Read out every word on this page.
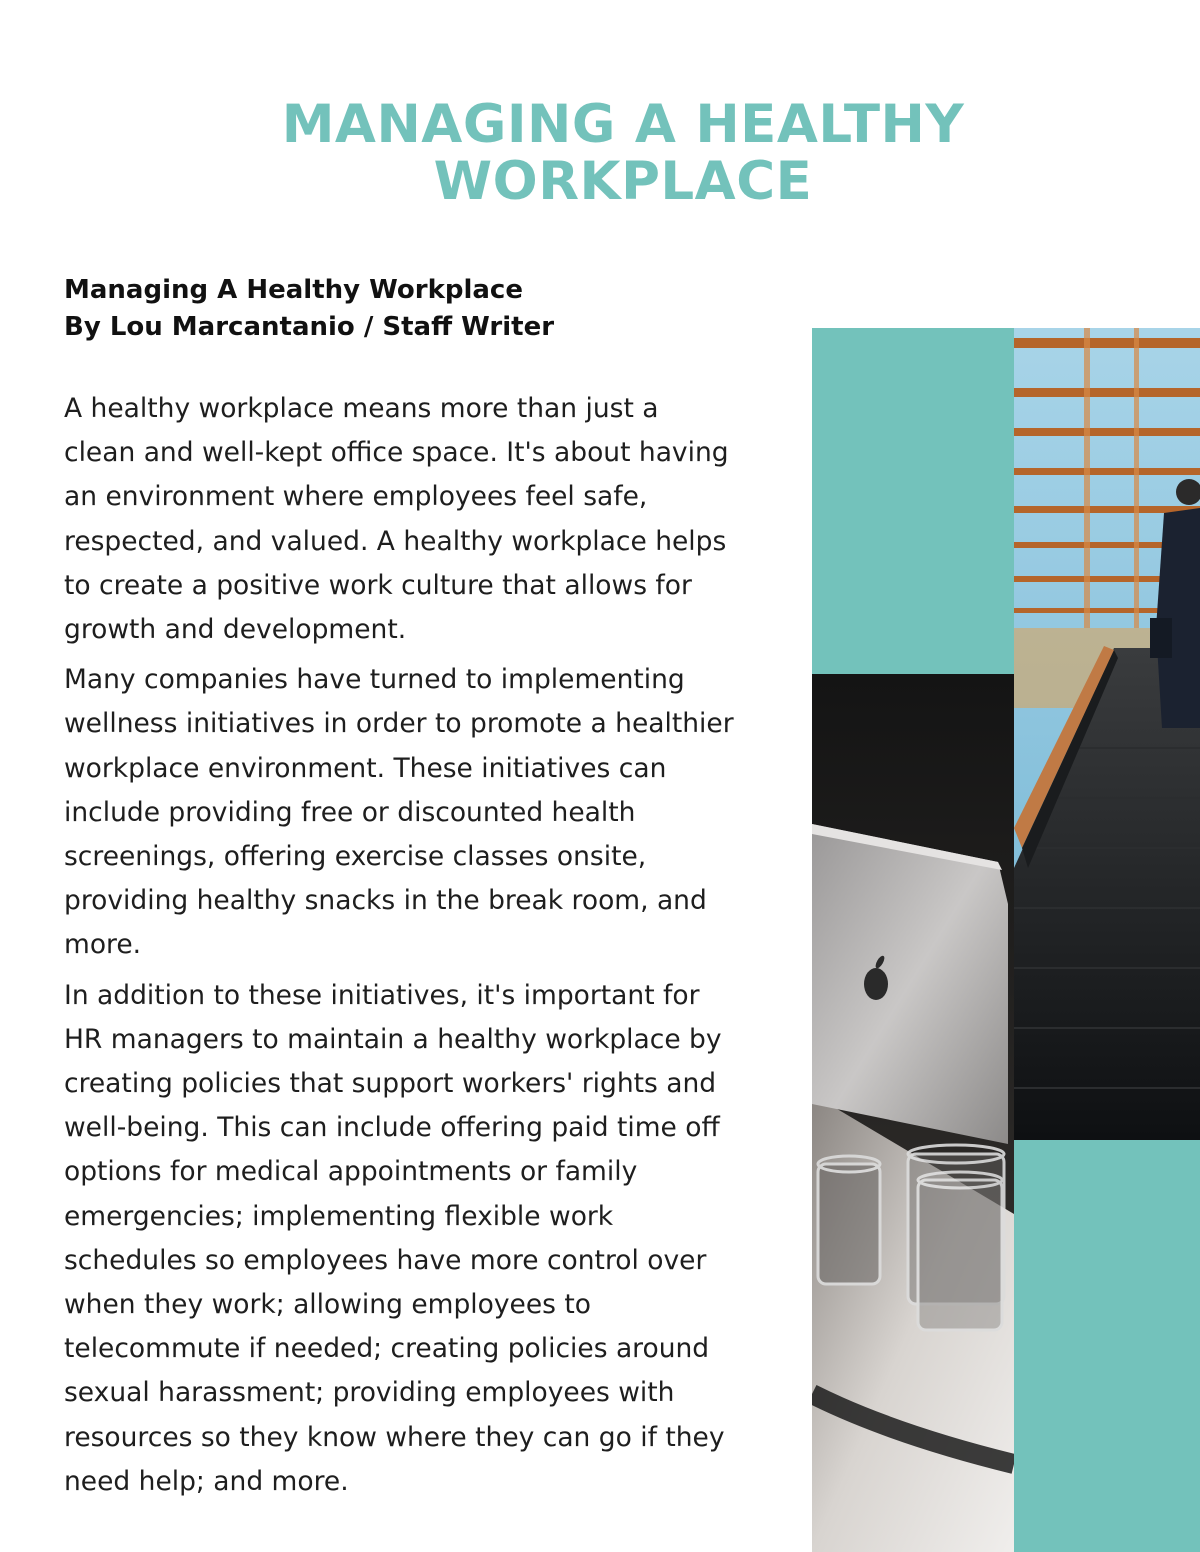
MANAGING A HEALTHY WORKPLACE
Managing A Healthy Workplace
By Lou Marcantanio / Staff Writer

A healthy workplace means more than just a clean and well-kept office space. It's about having an environment where employees feel safe, respected, and valued. A healthy workplace helps to create a positive work culture that allows for growth and development.

Many companies have turned to implementing wellness initiatives in order to promote a healthier workplace environment. These initiatives can include providing free or discounted health screenings, offering exercise classes onsite, providing healthy snacks in the break room, and more.

In addition to these initiatives, it's important for HR managers to maintain a healthy workplace by creating policies that support workers' rights and well-being. This can include offering paid time off options for medical appointments or family emergencies; implementing flexible work schedules so employees have more control over when they work; allowing employees to telecommute if needed; creating policies around sexual harassment; providing employees with resources so they know where they can go if they need help; and more.
